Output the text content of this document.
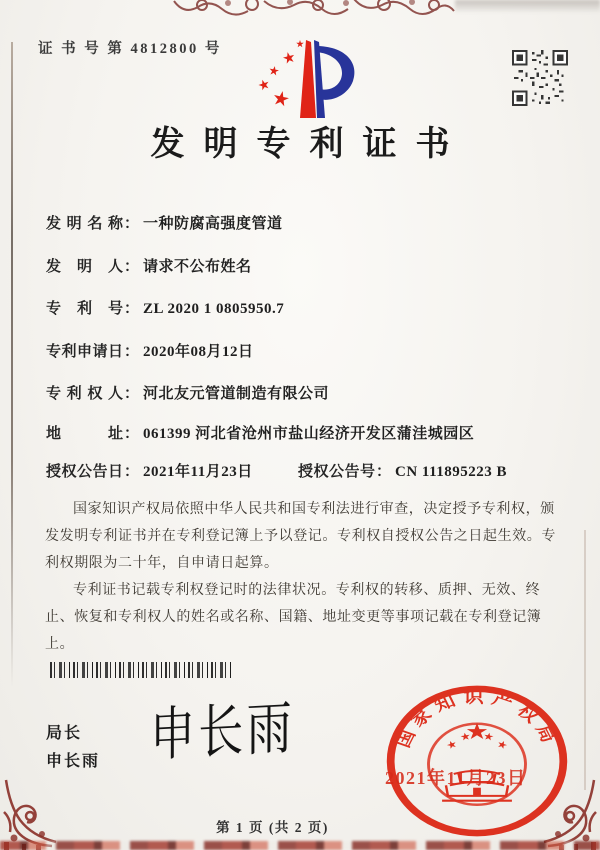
证 书 号 第 4812800 号
发明专利证书
发明名称： 一种防腐高强度管道
发明人： 请求不公布姓名
专利号： ZL 2020 1 0805950.7
专利申请日： 2020年08月12日
专利权人： 河北友元管道制造有限公司
地址： 061399 河北省沧州市盐山经济开发区蒲洼城园区
授权公告日： 2021年11月23日	授权公告号： CN 111895223 B

国家知识产权局依照中华人民共和国专利法进行审查，决定授予专利权，颁发发明专利证书并在专利登记簿上予以登记。专利权自授权公告之日起生效。专利权期限为二十年，自申请日起算。

专利证书记载专利权登记时的法律状况。专利权的转移、质押、无效、终止、恢复和专利权人的姓名或名称、国籍、地址变更等事项记载在专利登记簿上。

局长
申长雨 申长雨	国家知识产权局
2021年11月23日
第 1 页 (共 2 页)
